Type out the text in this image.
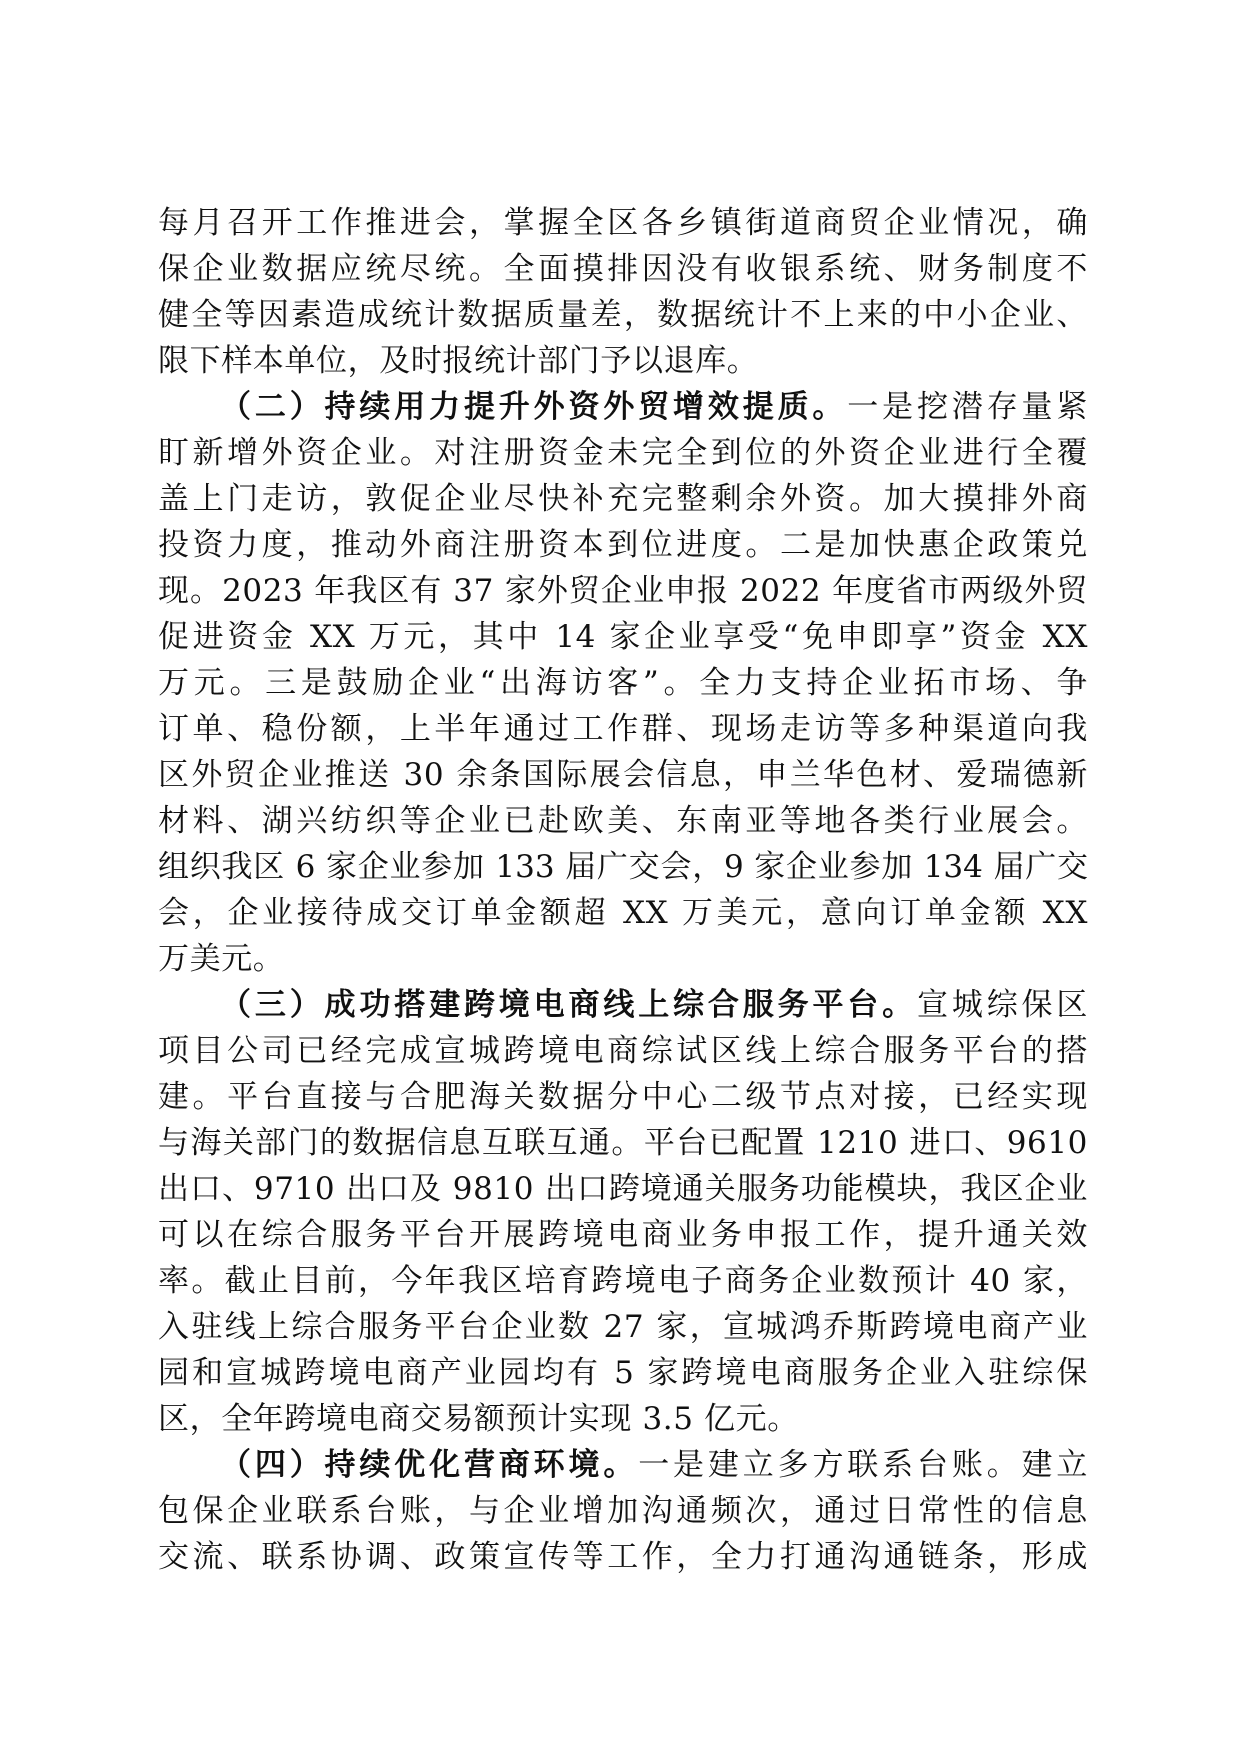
每月召开工作推进会，掌握全区各乡镇街道商贸企业情况，确
保企业数据应统尽统。全面摸排因没有收银系统、财务制度不
健全等因素造成统计数据质量差，数据统计不上来的中小企业、
限下样本单位，及时报统计部门予以退库。
（二）持续用力提升外资外贸增效提质。一是挖潜存量紧
盯新增外资企业。对注册资金未完全到位的外资企业进行全覆
盖上门走访，敦促企业尽快补充完整剩余外资。加大摸排外商
投资力度，推动外商注册资本到位进度。二是加快惠企政策兑
现。2023 年我区有 37 家外贸企业申报 2022 年度省市两级外贸
促进资金 XX 万元，其中 14 家企业享受“免申即享”资金 XX
万元。三是鼓励企业“出海访客”。全力支持企业拓市场、争
订单、稳份额，上半年通过工作群、现场走访等多种渠道向我
区外贸企业推送 30 余条国际展会信息，申兰华色材、爱瑞德新
材料、湖兴纺织等企业已赴欧美、东南亚等地各类行业展会。
组织我区 6 家企业参加 133 届广交会，9 家企业参加 134 届广交
会，企业接待成交订单金额超 XX 万美元，意向订单金额 XX
万美元。
（三）成功搭建跨境电商线上综合服务平台。宣城综保区
项目公司已经完成宣城跨境电商综试区线上综合服务平台的搭
建。平台直接与合肥海关数据分中心二级节点对接，已经实现
与海关部门的数据信息互联互通。平台已配置 1210 进口、9610
出口、9710 出口及 9810 出口跨境通关服务功能模块，我区企业
可以在综合服务平台开展跨境电商业务申报工作，提升通关效
率。截止目前，今年我区培育跨境电子商务企业数预计 40 家，
入驻线上综合服务平台企业数 27 家，宣城鸿乔斯跨境电商产业
园和宣城跨境电商产业园均有 5 家跨境电商服务企业入驻综保
区，全年跨境电商交易额预计实现 3.5 亿元。
（四）持续优化营商环境。一是建立多方联系台账。建立
包保企业联系台账，与企业增加沟通频次，通过日常性的信息
交流、联系协调、政策宣传等工作，全力打通沟通链条，形成
